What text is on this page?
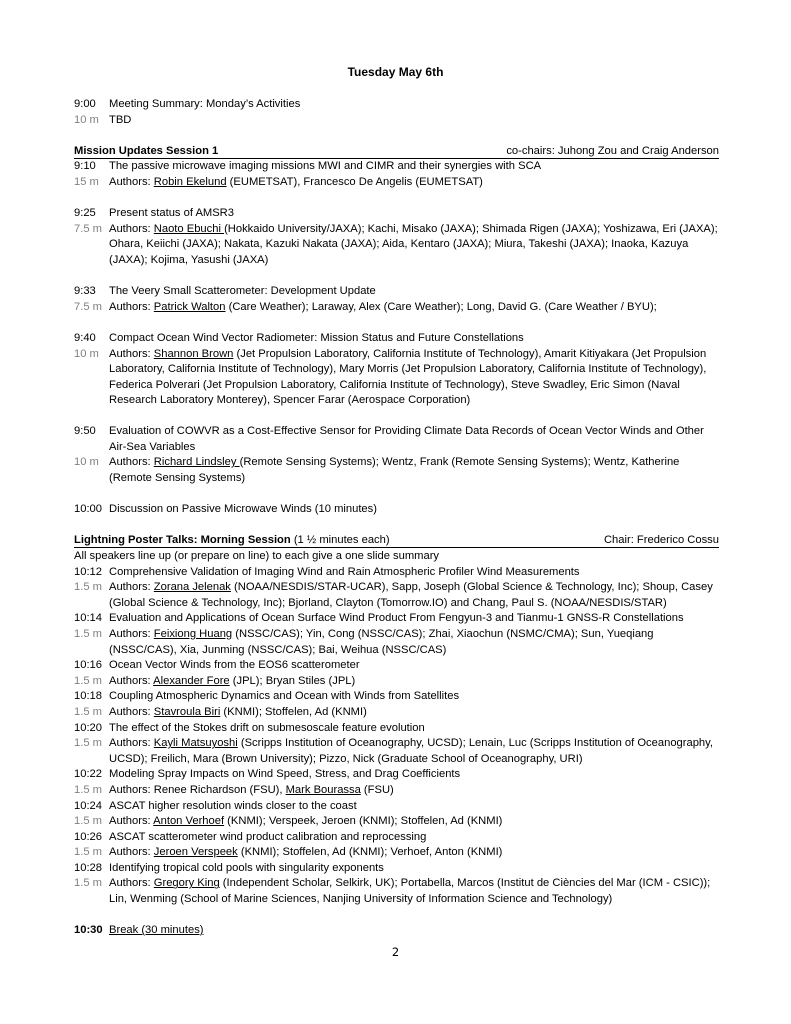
Tuesday May 6th
9:00	Meeting Summary: Monday’s Activities
10 m TBD
Mission Updates Session 1	co-chairs: Juhong Zou and Craig Anderson
9:10	The passive microwave imaging missions MWI and CIMR and their synergies with SCA
15 m Authors: Robin Ekelund (EUMETSAT), Francesco De Angelis (EUMETSAT)
9:25	Present status of AMSR3
7.5 m Authors: Naoto Ebuchi (Hokkaido University/JAXA); Kachi, Misako (JAXA); Shimada Rigen (JAXA); Yoshizawa, Eri (JAXA); Ohara, Keiichi (JAXA); Nakata, Kazuki Nakata (JAXA); Aida, Kentaro (JAXA); Miura, Takeshi (JAXA); Inaoka, Kazuya (JAXA); Kojima, Yasushi (JAXA)
9:33	The Veery Small Scatterometer: Development Update
7.5 m Authors: Patrick Walton (Care Weather); Laraway, Alex (Care Weather); Long, David G. (Care Weather / BYU);
9:40	Compact Ocean Wind Vector Radiometer: Mission Status and Future Constellations
10 m Authors: Shannon Brown (Jet Propulsion Laboratory, California Institute of Technology), Amarit Kitiyakara (Jet Propulsion Laboratory, California Institute of Technology), Mary Morris (Jet Propulsion Laboratory, California Institute of Technology), Federica Polverari (Jet Propulsion Laboratory, California Institute of Technology), Steve Swadley, Eric Simon (Naval Research Laboratory Monterey), Spencer Farar (Aerospace Corporation)
9:50	Evaluation of COWVR as a Cost-Effective Sensor for Providing Climate Data Records of Ocean Vector Winds and Other Air-Sea Variables
10 m Authors: Richard Lindsley (Remote Sensing Systems); Wentz, Frank (Remote Sensing Systems); Wentz, Katherine (Remote Sensing Systems)
10:00 Discussion on Passive Microwave Winds (10 minutes)
Lightning Poster Talks: Morning Session (1 ½ minutes each)	Chair: Frederico Cossu
All speakers line up (or prepare on line) to each give a one slide summary
10:12 Comprehensive Validation of Imaging Wind and Rain Atmospheric Profiler Wind Measurements
1.5 m Authors: Zorana Jelenak (NOAA/NESDIS/STAR-UCAR), Sapp, Joseph (Global Science & Technology, Inc); Shoup, Casey (Global Science & Technology, Inc); Bjorland, Clayton (Tomorrow.IO) and Chang, Paul S. (NOAA/NESDIS/STAR)
10:14 Evaluation and Applications of Ocean Surface Wind Product From Fengyun-3 and Tianmu-1 GNSS-R Constellations
1.5 m Authors: Feixiong Huang (NSSC/CAS); Yin, Cong (NSSC/CAS); Zhai, Xiaochun (NSMC/CMA); Sun, Yueqiang (NSSC/CAS), Xia, Junming (NSSC/CAS); Bai, Weihua (NSSC/CAS)
10:16 Ocean Vector Winds from the EOS6 scatterometer
1.5 m Authors: Alexander Fore (JPL); Bryan Stiles (JPL)
10:18 Coupling Atmospheric Dynamics and Ocean with Winds from Satellites
1.5 m Authors: Stavroula Biri (KNMI); Stoffelen, Ad (KNMI)
10:20 The effect of the Stokes drift on submesoscale feature evolution
1.5 m Authors: Kayli Matsuyoshi (Scripps Institution of Oceanography, UCSD); Lenain, Luc (Scripps Institution of Oceanography, UCSD); Freilich, Mara (Brown University); Pizzo, Nick (Graduate School of Oceanography, URI)
10:22 Modeling Spray Impacts on Wind Speed, Stress, and Drag Coefficients
1.5 m Authors: Renee Richardson (FSU), Mark Bourassa (FSU)
10:24 ASCAT higher resolution winds closer to the coast
1.5 m Authors: Anton Verhoef (KNMI); Verspeek, Jeroen (KNMI); Stoffelen, Ad (KNMI)
10:26 ASCAT scatterometer wind product calibration and reprocessing
1.5 m Authors: Jeroen Verspeek (KNMI); Stoffelen, Ad (KNMI); Verhoef, Anton (KNMI)
10:28 Identifying tropical cold pools with singularity exponents
1.5 m Authors: Gregory King (Independent Scholar, Selkirk, UK); Portabella, Marcos (Institut de Ciències del Mar (ICM - CSIC)); Lin, Wenming (School of Marine Sciences, Nanjing University of Information Science and Technology)
10:30 Break (30 minutes)
2
